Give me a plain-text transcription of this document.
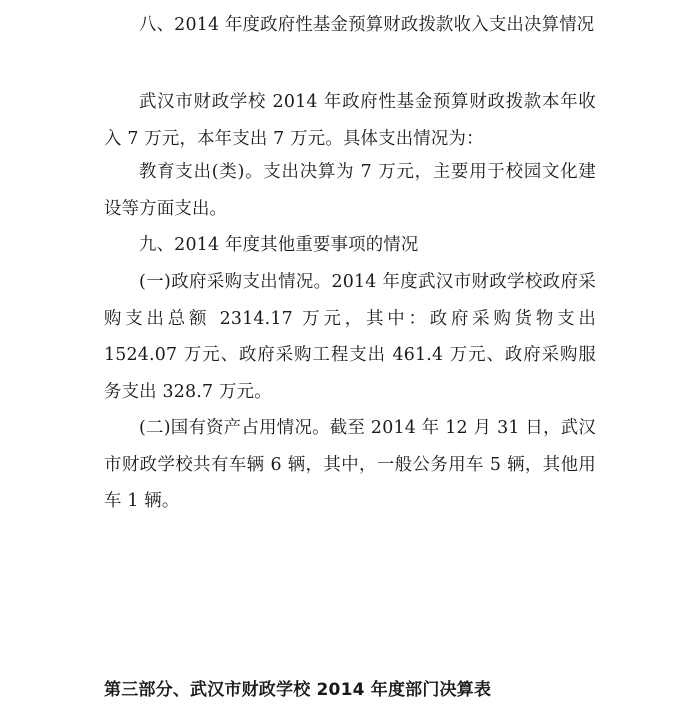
八、2014 年度政府性基金预算财政拨款收入支出决算情况

武汉市财政学校 2014 年政府性基金预算财政拨款本年收入 7 万元，本年支出 7 万元。具体支出情况为：

教育支出(类)。支出决算为 7 万元，主要用于校园文化建设等方面支出。

九、2014 年度其他重要事项的情况

(一)政府采购支出情况。2014 年度武汉市财政学校政府采购支出总额 2314.17 万元，其中：政府采购货物支出 1524.07 万元、政府采购工程支出 461.4 万元、政府采购服务支出 328.7 万元。

(二)国有资产占用情况。截至 2014 年 12 月 31 日，武汉市财政学校共有车辆 6 辆，其中，一般公务用车 5 辆，其他用车 1 辆。

第三部分、武汉市财政学校 2014 年度部门决算表
